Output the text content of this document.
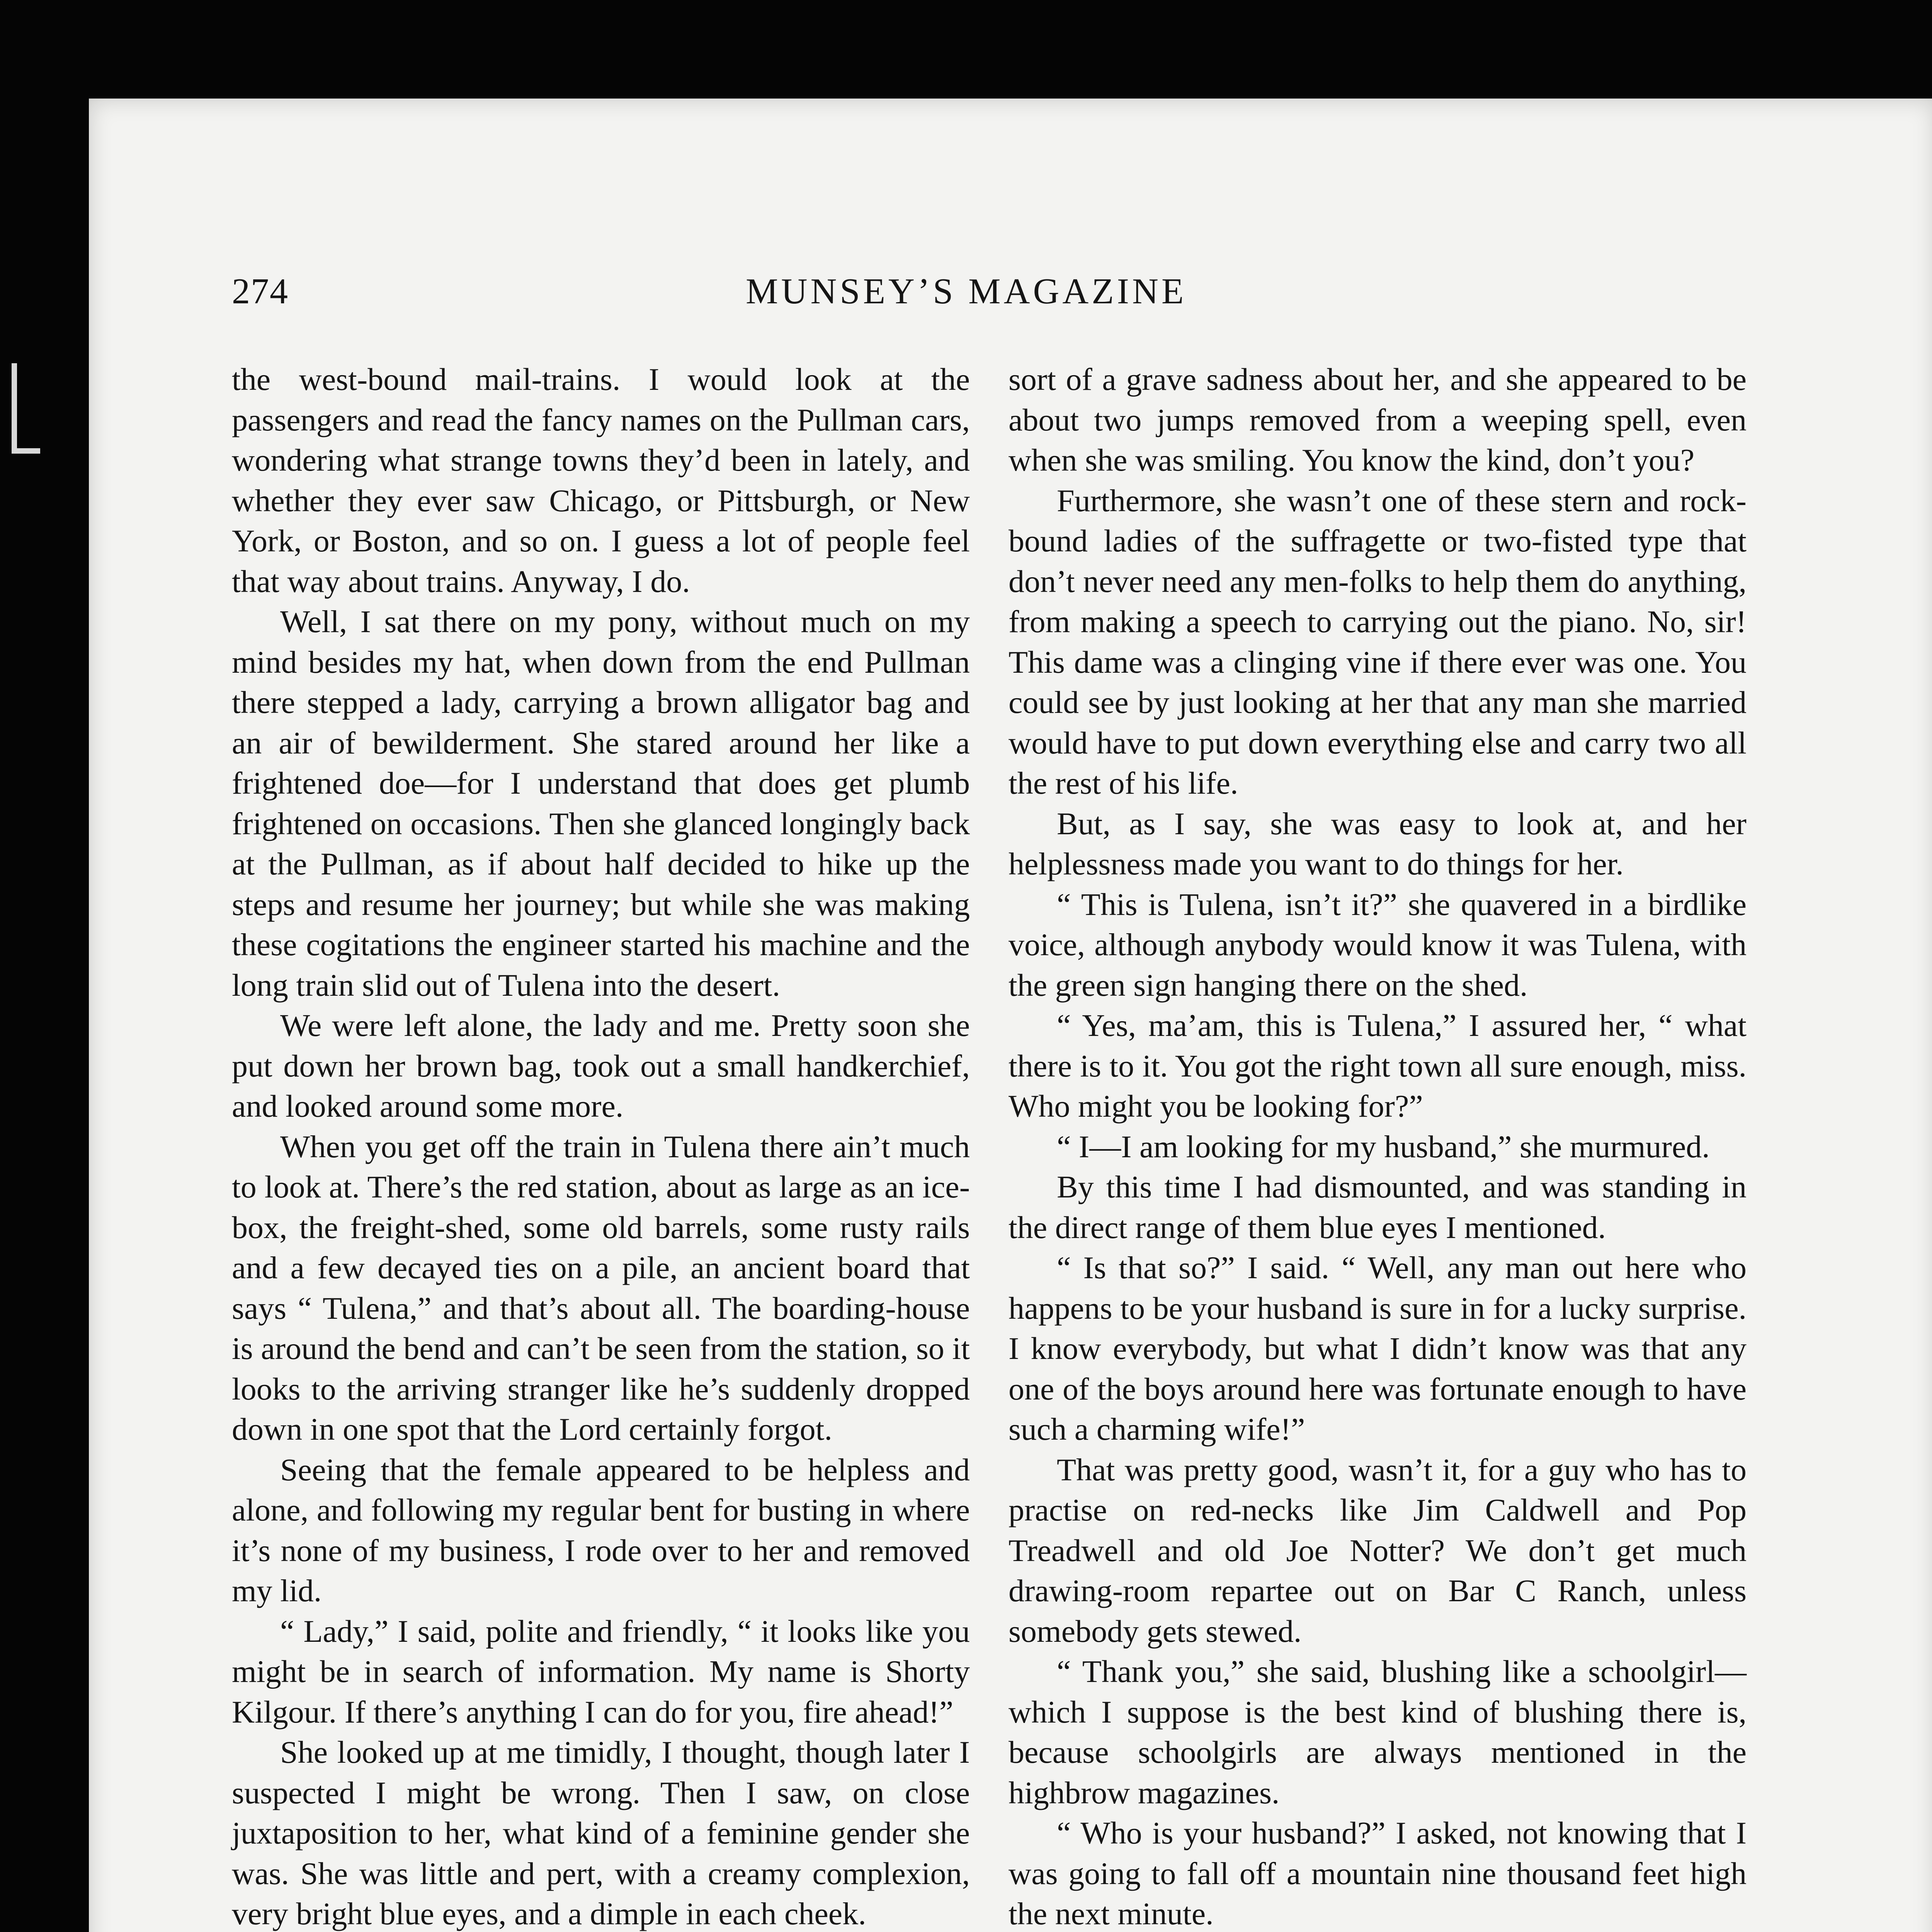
274	MUNSEY’S MAGAZINE

the west-bound mail-trains. I would look at the passengers and read the fancy names on the Pullman cars, wondering what strange towns they’d been in lately, and whether they ever saw Chicago, or Pittsburgh, or New York, or Boston, and so on. I guess a lot of people feel that way about trains. Anyway, I do.

Well, I sat there on my pony, without much on my mind besides my hat, when down from the end Pullman there stepped a lady, carrying a brown alligator bag and an air of bewilderment. She stared around her like a frightened doe—for I understand that does get plumb frightened on occasions. Then she glanced longingly back at the Pullman, as if about half decided to hike up the steps and resume her journey; but while she was making these cogitations the engineer started his machine and the long train slid out of Tulena into the desert.

We were left alone, the lady and me. Pretty soon she put down her brown bag, took out a small handkerchief, and looked around some more.

When you get off the train in Tulena there ain’t much to look at. There’s the red station, about as large as an ice-box, the freight-shed, some old barrels, some rusty rails and a few decayed ties on a pile, an ancient board that says “ Tulena,” and that’s about all. The boarding-house is around the bend and can’t be seen from the station, so it looks to the arriving stranger like he’s suddenly dropped down in one spot that the Lord certainly forgot.

Seeing that the female appeared to be helpless and alone, and following my regular bent for busting in where it’s none of my business, I rode over to her and removed my lid.

“ Lady,” I said, polite and friendly, “ it looks like you might be in search of information. My name is Shorty Kilgour. If there’s anything I can do for you, fire ahead!”

She looked up at me timidly, I thought, though later I suspected I might be wrong. Then I saw, on close juxtaposition to her, what kind of a feminine gender she was. She was little and pert, with a creamy complexion, very bright blue eyes, and a dimple in each cheek.

sort of a grave sadness about her, and she appeared to be about two jumps removed from a weeping spell, even when she was smiling. You know the kind, don’t you?

Furthermore, she wasn’t one of these stern and rock-bound ladies of the suffragette or two-fisted type that don’t never need any men-folks to help them do anything, from making a speech to carrying out the piano. No, sir! This dame was a clinging vine if there ever was one. You could see by just looking at her that any man she married would have to put down everything else and carry two all the rest of his life.

But, as I say, she was easy to look at, and her helplessness made you want to do things for her.

“ This is Tulena, isn’t it?” she quavered in a birdlike voice, although anybody would know it was Tulena, with the green sign hanging there on the shed.

“ Yes, ma’am, this is Tulena,” I assured her, “ what there is to it. You got the right town all sure enough, miss. Who might you be looking for?”

“ I—I am looking for my husband,” she murmured.

By this time I had dismounted, and was standing in the direct range of them blue eyes I mentioned.

“ Is that so?” I said. “ Well, any man out here who happens to be your husband is sure in for a lucky surprise. I know everybody, but what I didn’t know was that any one of the boys around here was fortunate enough to have such a charming wife!”

That was pretty good, wasn’t it, for a guy who has to practise on red-necks like Jim Caldwell and Pop Treadwell and old Joe Notter? We don’t get much drawing-room repartee out on Bar C Ranch, unless somebody gets stewed.

“ Thank you,” she said, blushing like a schoolgirl—which I suppose is the best kind of blushing there is, because schoolgirls are always mentioned in the highbrow magazines.

“ Who is your husband?” I asked, not knowing that I was going to fall off a mountain nine thousand feet high the next minute.
